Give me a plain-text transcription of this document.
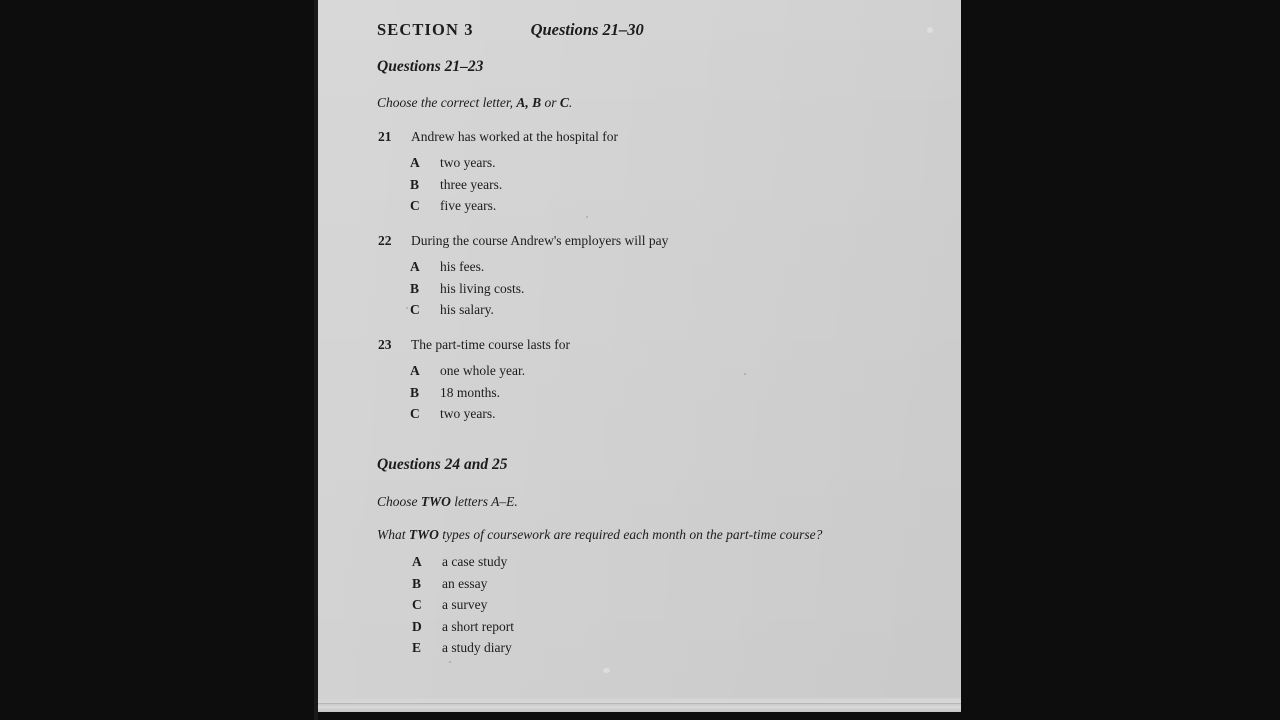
SECTION 3	Questions 21–30
Questions 21–23
Choose the correct letter, A, B or C.
21 Andrew has worked at the hospital for
A two years.
B three years.
C five years.
22 During the course Andrew's employers will pay
A his fees.
B his living costs.
C his salary.
23 The part-time course lasts for
A one whole year.
B 18 months.
C two years.
Questions 24 and 25
Choose TWO letters A–E.
What TWO types of coursework are required each month on the part-time course?
A a case study
B an essay
C a survey
D a short report
E a study diary
